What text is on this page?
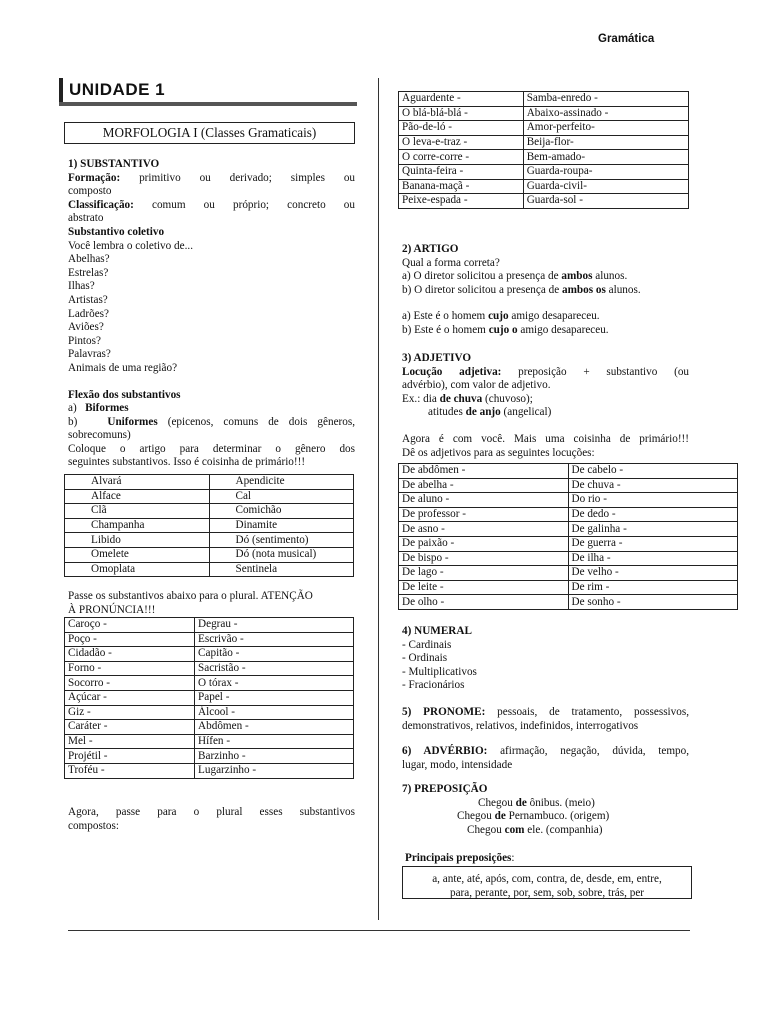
Gramática
UNIDADE 1
MORFOLOGIA I (Classes Gramaticais)

1) SUBSTANTIVO

Formação: primitivo ou derivado; simples ou

composto

Classificação: comum ou próprio; concreto ou

abstrato

Substantivo coletivo

Você lembra o coletivo de...

Abelhas?

Estrelas?

Ilhas?

Artistas?

Ladrões?

Aviões?

Pintos?

Palavras?

Animais de uma região?

Flexão dos substantivos

a) Biformes

b)	Uniformes (epicenos, comuns de dois gêneros,

sobrecomuns)

Coloque o artigo para determinar o gênero dos

seguintes substantivos. Isso é coisinha de primário!!!

Alvará	Apendicite
Alface	Cal
Clã	Comichão
Champanha	Dinamite
Libido	Dó (sentimento)
Omelete	Dó (nota musical)
Omoplata	Sentinela

Passe os substantivos abaixo para o plural. ATENÇÃO

À PRONÚNCIA!!!

Caroço -	Degrau -
Poço -	Escrivão -
Cidadão -	Capitão -
Forno -	Sacristão -
Socorro -	O tórax -
Açúcar -	Papel -
Giz -	Álcool -
Caráter -	Abdômen -
Mel -	Hífen -
Projétil -	Barzinho -
Troféu -	Lugarzinho -

Agora, passe para o plural esses substantivos

compostos:

Aguardente -	Samba-enredo -
O blá-blá-blá -	Abaixo-assinado -
Pão-de-ló -	Amor-perfeito-
O leva-e-traz -	Beija-flor-
O corre-corre -	Bem-amado-
Quinta-feira -	Guarda-roupa-
Banana-maçã -	Guarda-civil-
Peixe-espada -	Guarda-sol -

2) ARTIGO

Qual a forma correta?

a) O diretor solicitou a presença de ambos alunos.

b) O diretor solicitou a presença de ambos os alunos.

a) Este é o homem cujo amigo desapareceu.

b) Este é o homem cujo o amigo desapareceu.

3) ADJETIVO

Locução adjetiva: preposição + substantivo (ou

advérbio), com valor de adjetivo.

Ex.: dia de chuva (chuvoso);

atitudes de anjo (angelical)

Agora é com você. Mais uma coisinha de primário!!!

Dê os adjetivos para as seguintes locuções:

De abdômen -	De cabelo -
De abelha -	De chuva -
De aluno -	Do rio -
De professor -	De dedo -
De asno -	De galinha -
De paixão -	De guerra -
De bispo -	De ilha -
De lago -	De velho -
De leite -	De rim -
De olho -	De sonho -

4) NUMERAL

- Cardinais

- Ordinais

- Multiplicativos

- Fracionários

5) PRONOME: pessoais, de tratamento, possessivos,

demonstrativos, relativos, indefinidos, interrogativos

6) ADVÉRBIO: afirmação, negação, dúvida, tempo,

lugar, modo, intensidade

7) PREPOSIÇÃO

Chegou de ônibus. (meio)

Chegou de Pernambuco. (origem)

Chegou com ele. (companhia)

Principais preposições:

a, ante, até, após, com, contra, de, desde, em, entre,

para, perante, por, sem, sob, sobre, trás, per
